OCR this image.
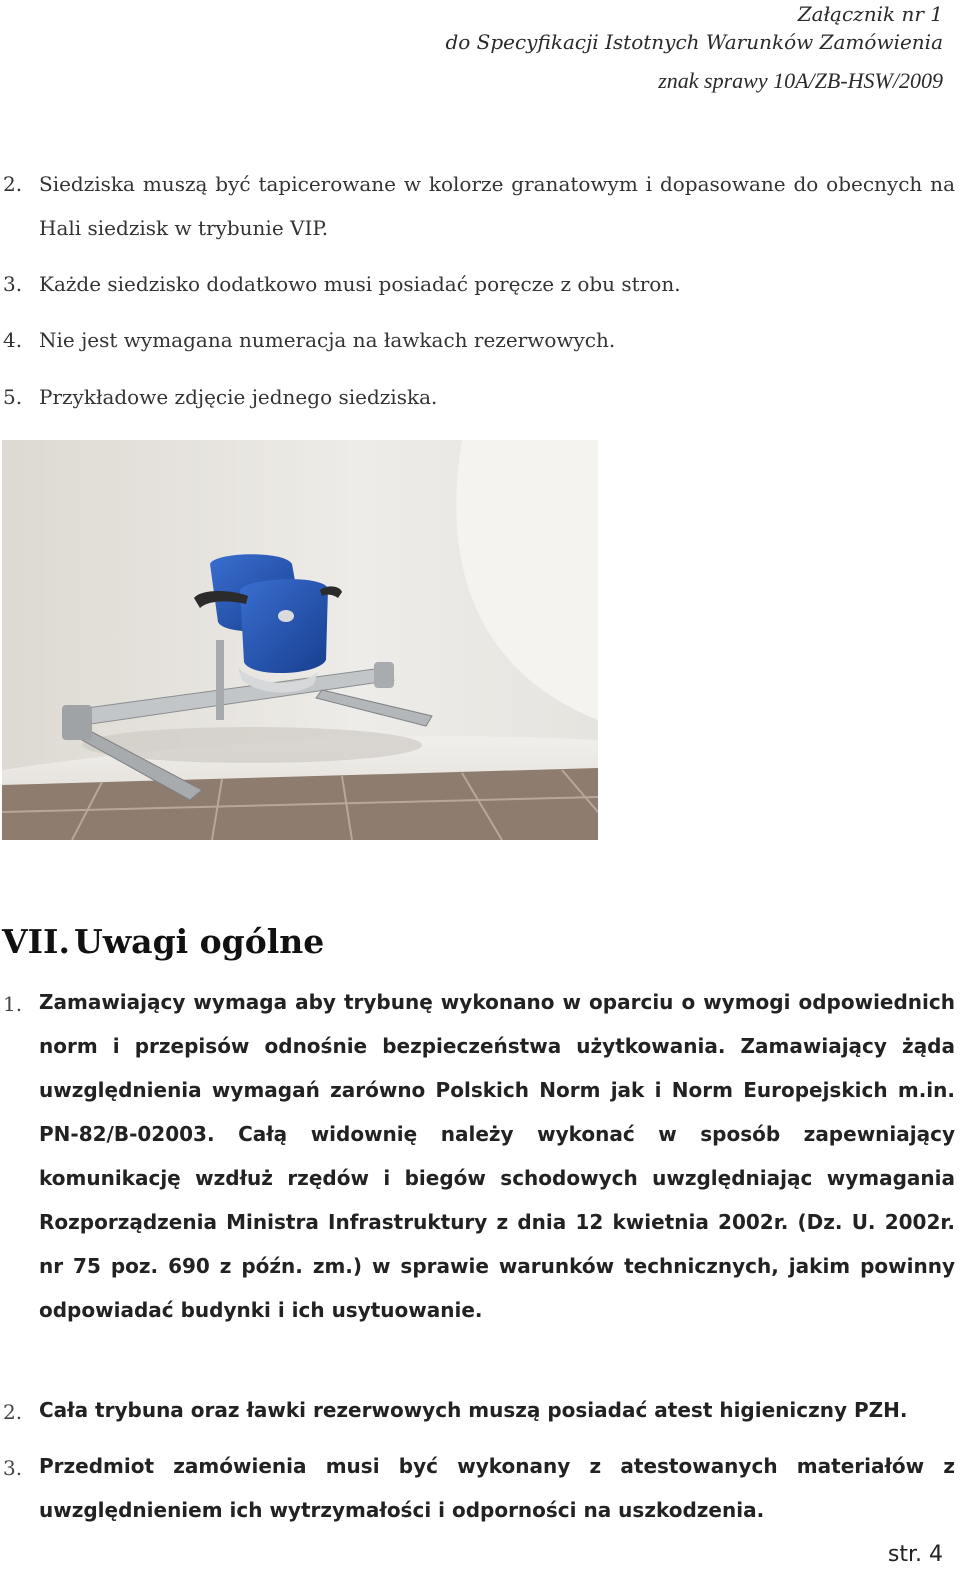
Załącznik nr 1
do Specyfikacji Istotnych Warunków Zamówienia
znak sprawy 10A/ZB-HSW/2009
2. Siedziska muszą być tapicerowane w kolorze granatowym i dopasowane do obecnych na Hali siedzisk w trybunie VIP.
3. Każde siedzisko dodatkowo musi posiadać poręcze z obu stron.
4. Nie jest wymagana numeracja na ławkach rezerwowych.
5. Przykładowe zdjęcie jednego siedziska.
VII. Uwagi ogólne
1. Zamawiający wymaga aby trybunę wykonano w oparciu o wymogi odpowiednich norm i przepisów odnośnie bezpieczeństwa użytkowania. Zamawiający żąda uwzględnienia wymagań zarówno Polskich Norm jak i Norm Europejskich m.in. PN-82/B-02003. Całą widownię należy wykonać w sposób zapewniający komunikację wzdłuż rzędów i biegów schodowych uwzględniając wymagania Rozporządzenia Ministra Infrastruktury z dnia 12 kwietnia 2002r. (Dz. U. 2002r. nr 75 poz. 690 z późn. zm.) w sprawie warunków technicznych, jakim powinny odpowiadać budynki i ich usytuowanie.
2. Cała trybuna oraz ławki rezerwowych muszą posiadać atest higieniczny PZH.
3. Przedmiot zamówienia musi być wykonany z atestowanych materiałów z uwzględnieniem ich wytrzymałości i odporności na uszkodzenia.
str. 4
